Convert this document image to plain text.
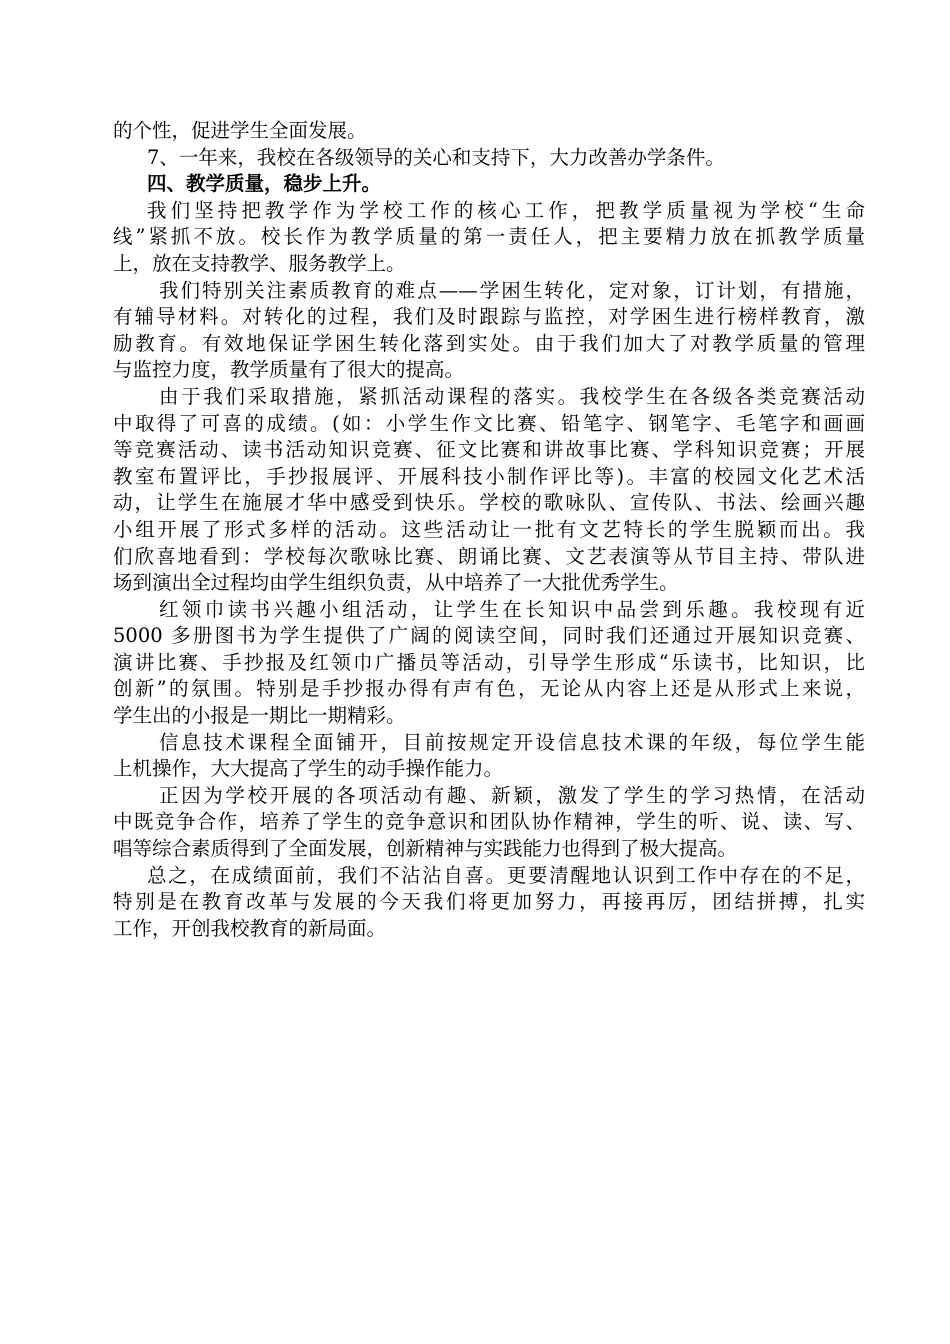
的个性，促进学生全面发展。
7、一年来，我校在各级领导的关心和支持下，大力改善办学条件。
四、教学质量，稳步上升。
我们坚持把教学作为学校工作的核心工作，把教学质量视为学校“生命
线”紧抓不放。校长作为教学质量的第一责任人，把主要精力放在抓教学质量
上，放在支持教学、服务教学上。
我们特别关注素质教育的难点——学困生转化，定对象，订计划，有措施，
有辅导材料。对转化的过程，我们及时跟踪与监控，对学困生进行榜样教育，激
励教育。有效地保证学困生转化落到实处。由于我们加大了对教学质量的管理
与监控力度，教学质量有了很大的提高。
由于我们采取措施，紧抓活动课程的落实。我校学生在各级各类竞赛活动
中取得了可喜的成绩。(如：小学生作文比赛、铅笔字、钢笔字、毛笔字和画画
等竞赛活动、读书活动知识竞赛、征文比赛和讲故事比赛、学科知识竞赛；开展
教室布置评比，手抄报展评、开展科技小制作评比等)。丰富的校园文化艺术活
动，让学生在施展才华中感受到快乐。学校的歌咏队、宣传队、书法、绘画兴趣
小组开展了形式多样的活动。这些活动让一批有文艺特长的学生脱颖而出。我
们欣喜地看到：学校每次歌咏比赛、朗诵比赛、文艺表演等从节目主持、带队进
场到演出全过程均由学生组织负责，从中培养了一大批优秀学生。
红领巾读书兴趣小组活动，让学生在长知识中品尝到乐趣。我校现有近
5000 多册图书为学生提供了广阔的阅读空间，同时我们还通过开展知识竞赛、
演讲比赛、手抄报及红领巾广播员等活动，引导学生形成“乐读书，比知识，比
创新”的氛围。特别是手抄报办得有声有色，无论从内容上还是从形式上来说，
学生出的小报是一期比一期精彩。
信息技术课程全面铺开，目前按规定开设信息技术课的年级，每位学生能
上机操作，大大提高了学生的动手操作能力。
正因为学校开展的各项活动有趣、新颖，激发了学生的学习热情，在活动
中既竞争合作，培养了学生的竞争意识和团队协作精神，学生的听、说、读、写、
唱等综合素质得到了全面发展，创新精神与实践能力也得到了极大提高。
总之，在成绩面前，我们不沾沾自喜。更要清醒地认识到工作中存在的不足，
特别是在教育改革与发展的今天我们将更加努力，再接再厉，团结拼搏，扎实
工作，开创我校教育的新局面。
